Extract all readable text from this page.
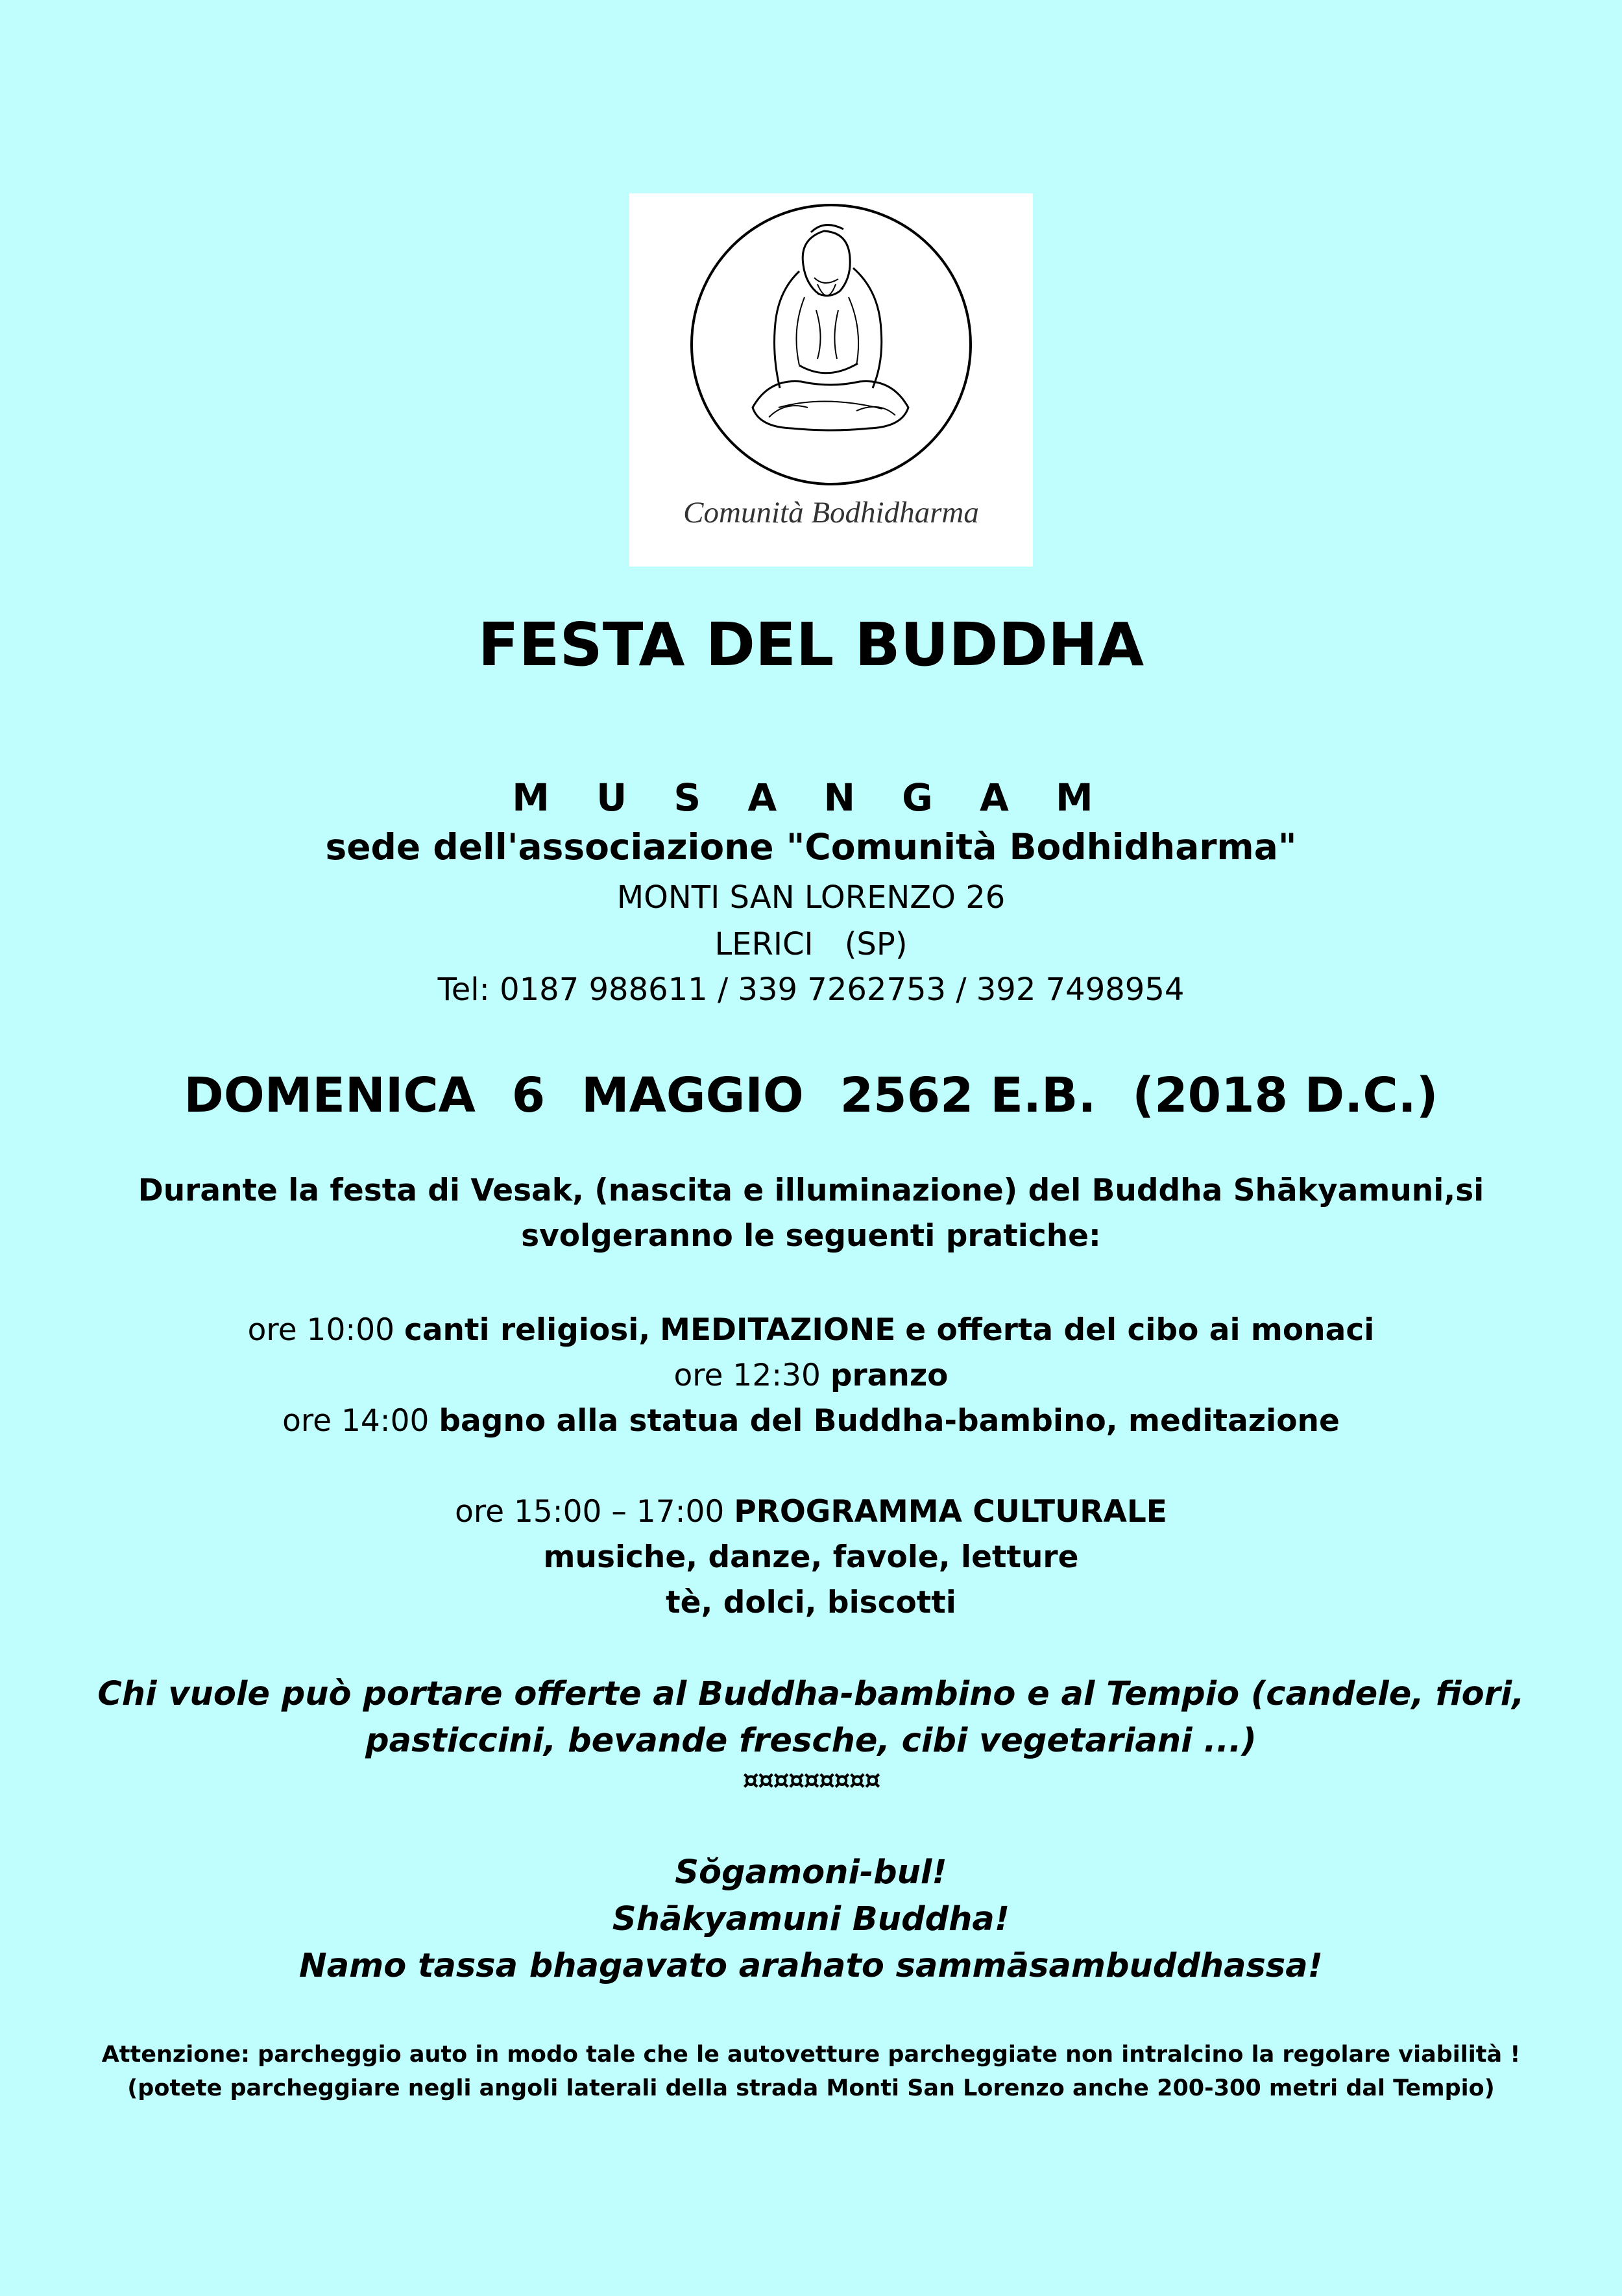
Comunità Bodhidharma
FESTA DEL BUDDHA
M U S A N G A M
sede dell'associazione "Comunità Bodhidharma"
MONTI SAN LORENZO 26
LERICI (SP)
Tel: 0187 988611 / 339 7262753 / 392 7498954
DOMENICA 6 MAGGIO 2562 E.B. (2018 D.C.)
Durante la festa di Vesak, (nascita e illuminazione) del Buddha Shākyamuni,si
svolgeranno le seguenti pratiche:
ore 10:00 canti religiosi, MEDITAZIONE e offerta del cibo ai monaci
ore 12:30 pranzo
ore 14:00 bagno alla statua del Buddha-bambino, meditazione
ore 15:00 – 17:00 PROGRAMMA CULTURALE
musiche, danze, favole, letture
tè, dolci, biscotti
Chi vuole può portare offerte al Buddha-bambino e al Tempio (candele, fiori,
pasticcini, bevande fresche, cibi vegetariani ...)
¤¤¤¤¤¤¤¤¤
Sŏgamoni-bul!
Shākyamuni Buddha!
Namo tassa bhagavato arahato sammāsambuddhassa!
Attenzione: parcheggio auto in modo tale che le autovetture parcheggiate non intralcino la regolare viabilità !
(potete parcheggiare negli angoli laterali della strada Monti San Lorenzo anche 200-300 metri dal Tempio)
